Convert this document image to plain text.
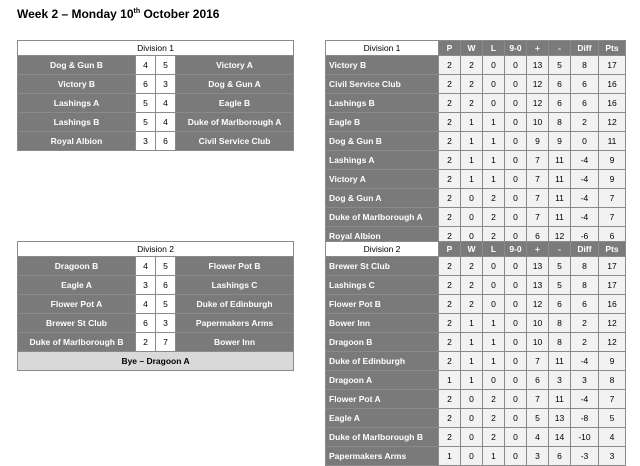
Week 2 – Monday 10th October 2016
Division 1			
Dog & Gun B	4	5	Victory A
Victory B	6	3	Dog & Gun A
Lashings A	5	4	Eagle B
Lashings B	5	4	Duke of Marlborough A
Royal Albion	3	6	Civil Service Club
Division 2			
Dragoon B	4	5	Flower Pot B
Eagle A	3	6	Lashings C
Flower Pot A	4	5	Duke of Edinburgh
Brewer St Club	6	3	Papermakers Arms
Duke of Marlborough B	2	7	Bower Inn
Bye – Dragoon A			
Division 1	P	W	L	9-0	+	-	Diff	Pts
Victory B	2	2	0	0	13	5	8	17
Civil Service Club	2	2	0	0	12	6	6	16
Lashings B	2	2	0	0	12	6	6	16
Eagle B	2	1	1	0	10	8	2	12
Dog & Gun B	2	1	1	0	9	9	0	11
Lashings A	2	1	1	0	7	11	-4	9
Victory A	2	1	1	0	7	11	-4	9
Dog & Gun A	2	0	2	0	7	11	-4	7
Duke of Marlborough A	2	0	2	0	7	11	-4	7
Royal Albion	2	0	2	0	6	12	-6	6
Division 2	P	W	L	9-0	+	-	Diff	Pts
Brewer St Club	2	2	0	0	13	5	8	17
Lashings C	2	2	0	0	13	5	8	17
Flower Pot B	2	2	0	0	12	6	6	16
Bower Inn	2	1	1	0	10	8	2	12
Dragoon B	2	1	1	0	10	8	2	12
Duke of Edinburgh	2	1	1	0	7	11	-4	9
Dragoon A	1	1	0	0	6	3	3	8
Flower Pot A	2	0	2	0	7	11	-4	7
Eagle A	2	0	2	0	5	13	-8	5
Duke of Marlborough B	2	0	2	0	4	14	-10	4
Papermakers Arms	1	0	1	0	3	6	-3	3
